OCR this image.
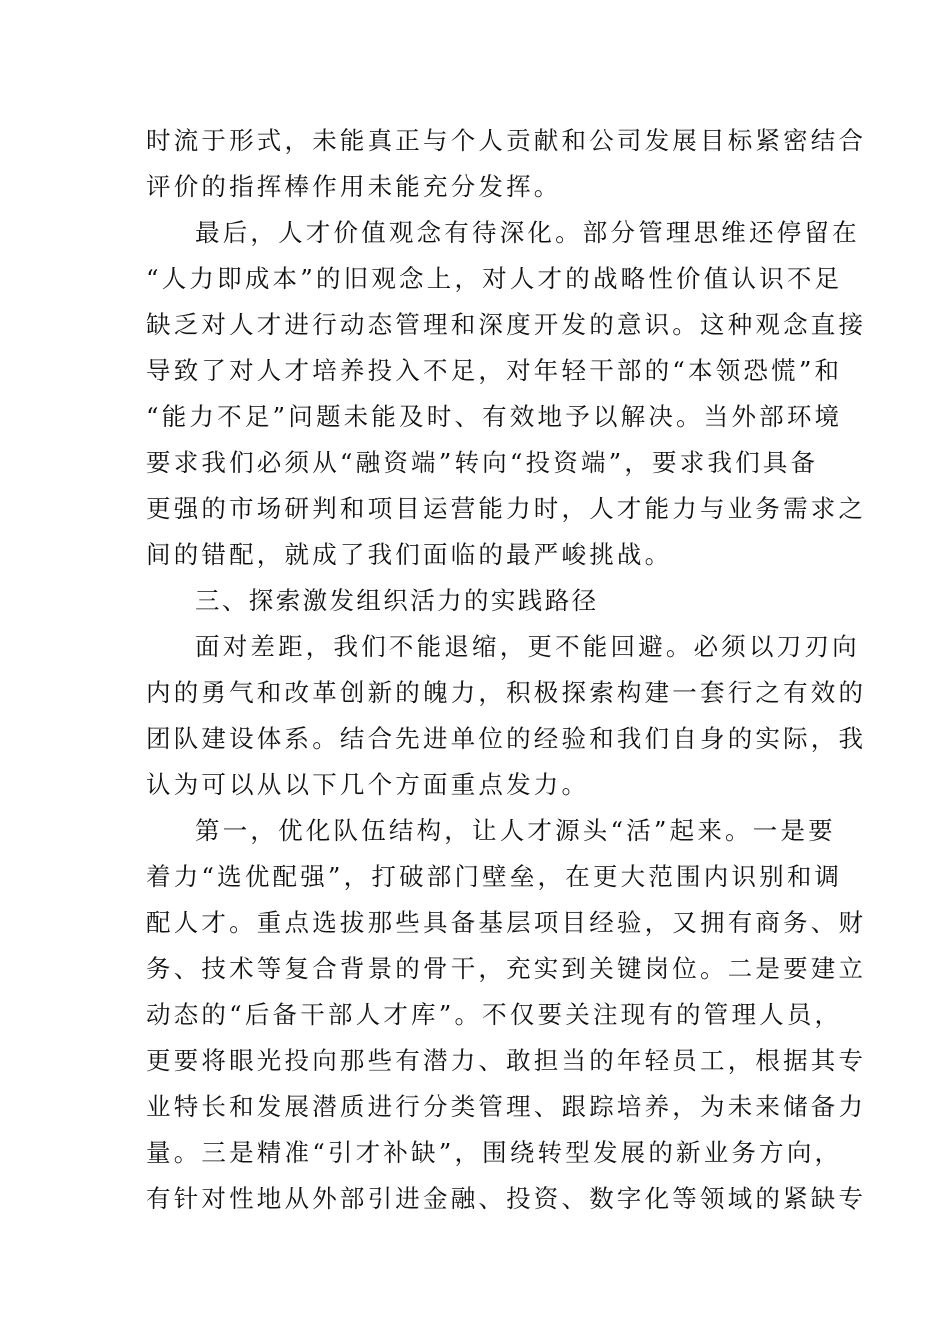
时流于形式，未能真正与个人贡献和公司发展目标紧密结合
评价的指挥棒作用未能充分发挥。
最后，人才价值观念有待深化。部分管理思维还停留在
“人力即成本”的旧观念上，对人才的战略性价值认识不足
缺乏对人才进行动态管理和深度开发的意识。这种观念直接
导致了对人才培养投入不足，对年轻干部的“本领恐慌”和
“能力不足”问题未能及时、有效地予以解决。当外部环境
要求我们必须从“融资端”转向“投资端”，要求我们具备
更强的市场研判和项目运营能力时，人才能力与业务需求之
间的错配，就成了我们面临的最严峻挑战。
三、探索激发组织活力的实践路径
面对差距，我们不能退缩，更不能回避。必须以刀刃向
内的勇气和改革创新的魄力，积极探索构建一套行之有效的
团队建设体系。结合先进单位的经验和我们自身的实际，我
认为可以从以下几个方面重点发力。
第一，优化队伍结构，让人才源头“活”起来。一是要
着力“选优配强”，打破部门壁垒，在更大范围内识别和调
配人才。重点选拔那些具备基层项目经验，又拥有商务、财
务、技术等复合背景的骨干，充实到关键岗位。二是要建立
动态的“后备干部人才库”。不仅要关注现有的管理人员，
更要将眼光投向那些有潜力、敢担当的年轻员工，根据其专
业特长和发展潜质进行分类管理、跟踪培养，为未来储备力
量。三是精准“引才补缺”，围绕转型发展的新业务方向，
有针对性地从外部引进金融、投资、数字化等领域的紧缺专
